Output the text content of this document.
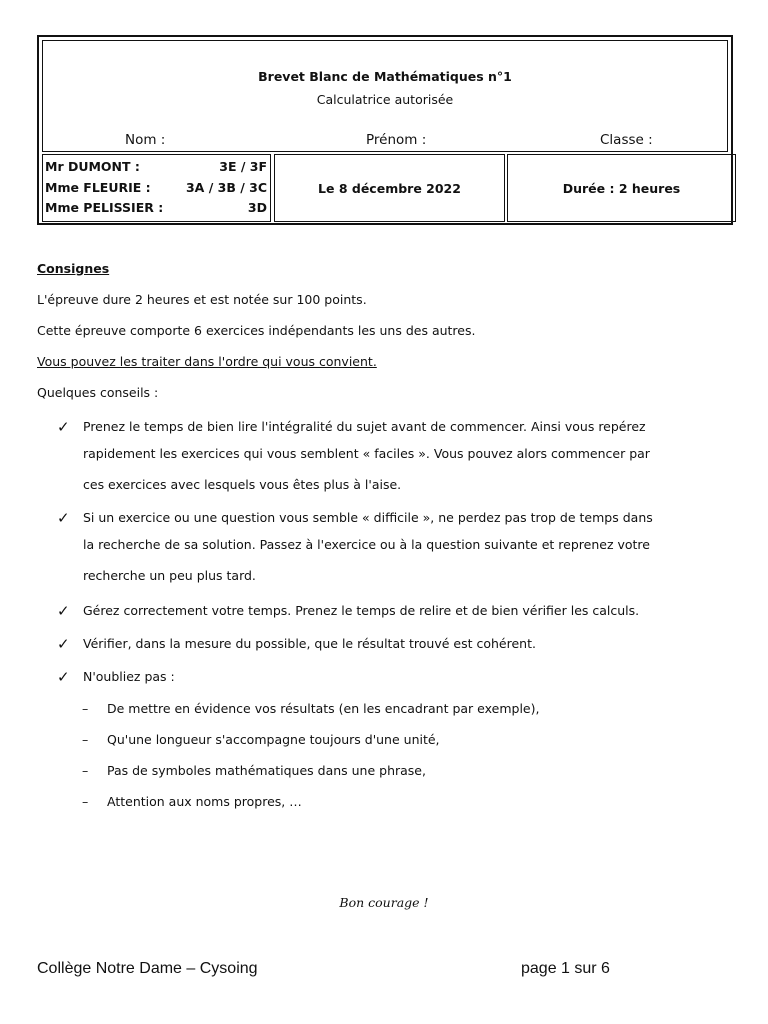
Brevet Blanc de Mathématiques n°1
Calculatrice autorisée
Nom :	Prénom :	Classe :
Mr DUMONT :	3E / 3F
Mme FLEURIE :	3A / 3B / 3C
Mme PELISSIER :	3D
Le 8 décembre 2022	Durée : 2 heures
Consignes
L'épreuve dure 2 heures et est notée sur 100 points.
Cette épreuve comporte 6 exercices indépendants les uns des autres.
Vous pouvez les traiter dans l'ordre qui vous convient.
Quelques conseils :
✓ Prenez le temps de bien lire l'intégralité du sujet avant de commencer. Ainsi vous repérez
rapidement les exercices qui vous semblent « faciles ». Vous pouvez alors commencer par
ces exercices avec lesquels vous êtes plus à l'aise.
✓ Si un exercice ou une question vous semble « difficile », ne perdez pas trop de temps dans
la recherche de sa solution. Passez à l'exercice ou à la question suivante et reprenez votre
recherche un peu plus tard.
✓ Gérez correctement votre temps. Prenez le temps de relire et de bien vérifier les calculs.
✓ Vérifier, dans la mesure du possible, que le résultat trouvé est cohérent.
✓ N'oubliez pas :
–	De mettre en évidence vos résultats (en les encadrant par exemple),
–	Qu'une longueur s'accompagne toujours d'une unité,
–	Pas de symboles mathématiques dans une phrase,
–	Attention aux noms propres, …
Bon courage !
Collège Notre Dame – Cysoing	page 1 sur 6
